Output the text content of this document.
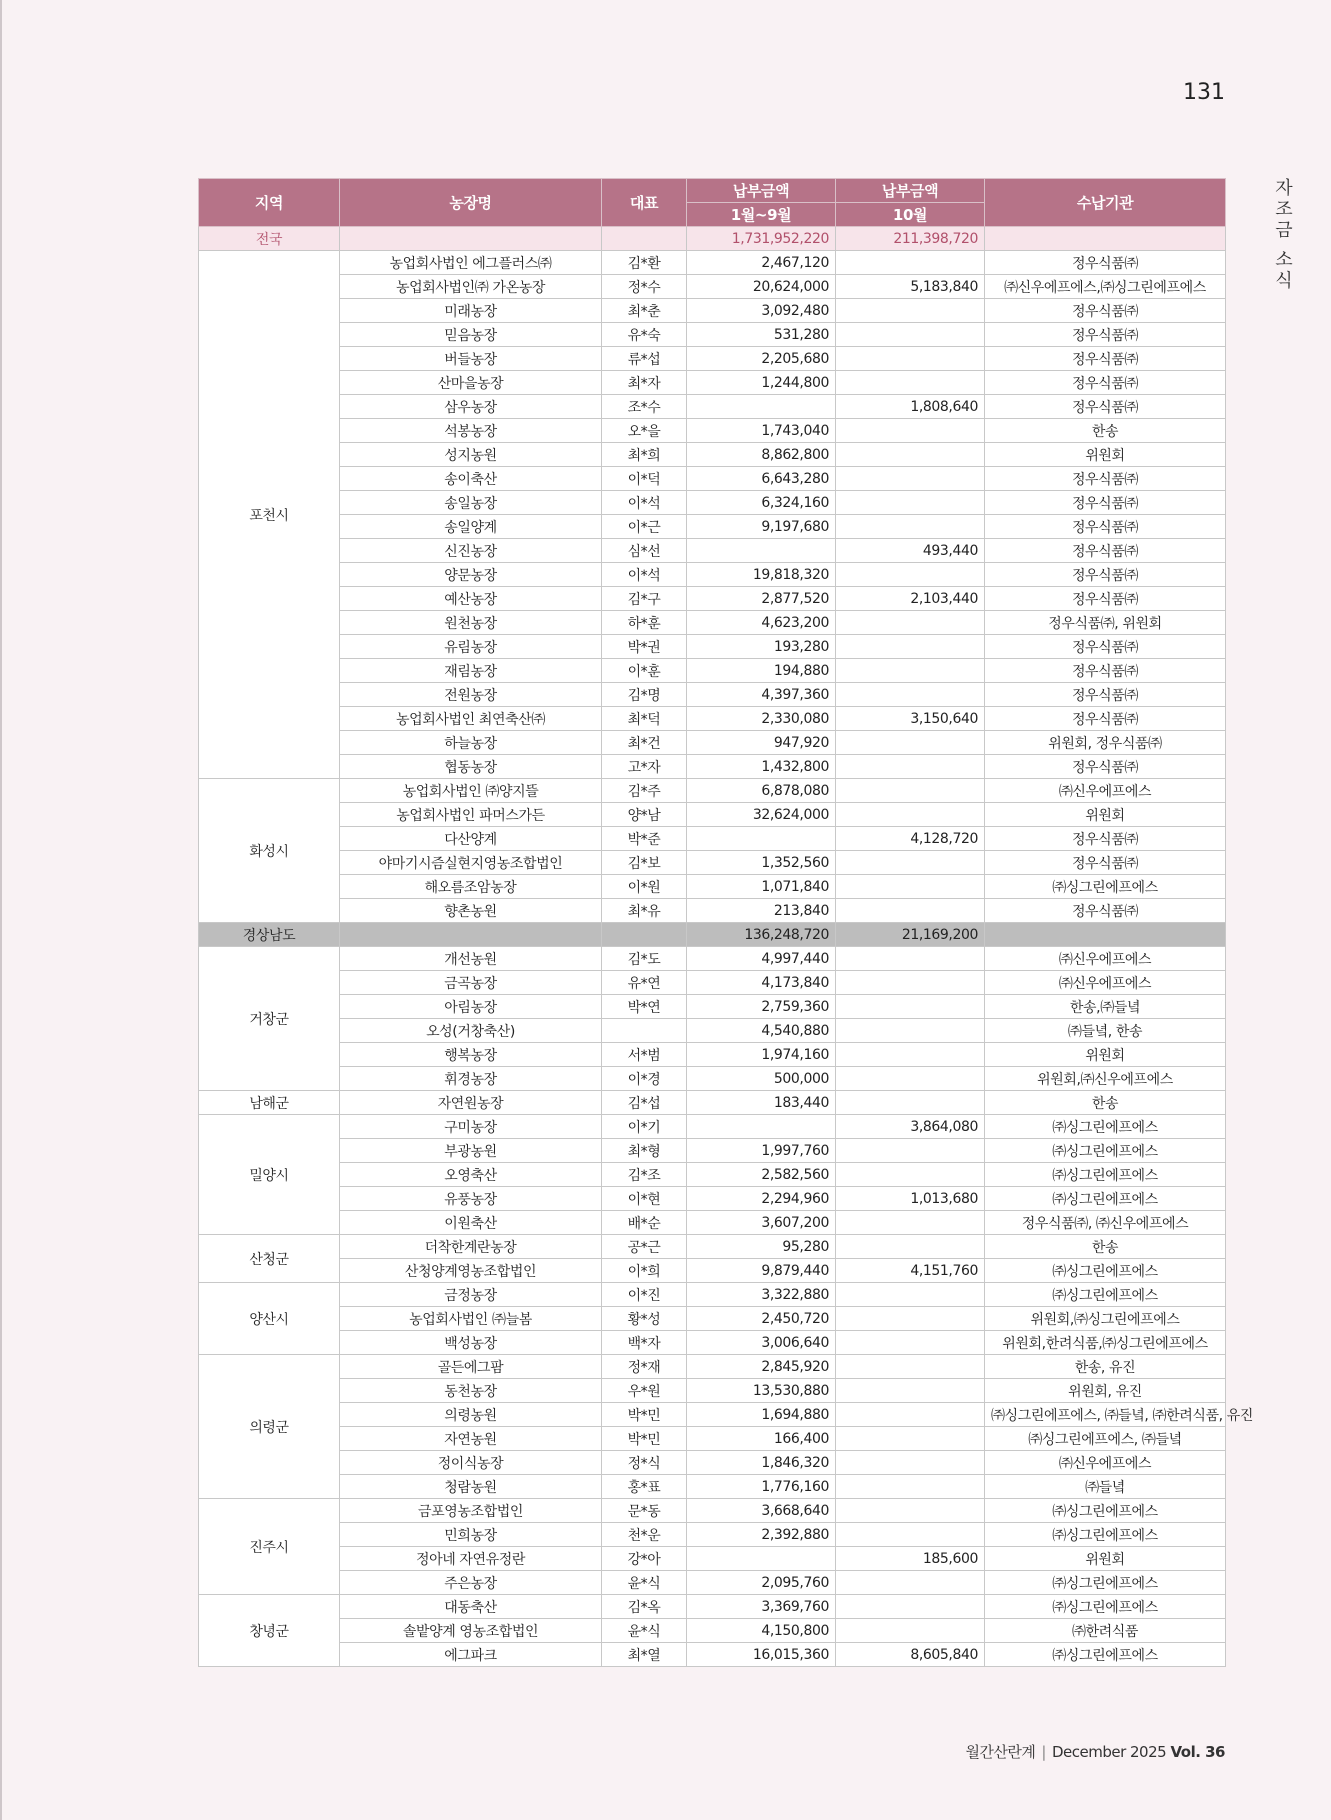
131
자조금 소식
지역	농장명	대표	납부금액	납부금액	수납기관
			1월~9월	10월	
전국			1,731,952,220	211,398,720	
포천시	농업회사법인 에그플러스㈜	김*환	2,467,120		정우식품㈜
	농업회사법인㈜ 가온농장	정*수	20,624,000	5,183,840	㈜신우에프에스,㈜싱그린에프에스
	미래농장	최*춘	3,092,480		정우식품㈜
	믿음농장	유*숙	531,280		정우식품㈜
	버들농장	류*섭	2,205,680		정우식품㈜
	산마을농장	최*자	1,244,800		정우식품㈜
	삼우농장	조*수		1,808,640	정우식품㈜
	석봉농장	오*을	1,743,040		한송
	성지농원	최*희	8,862,800		위원회
	송이축산	이*덕	6,643,280		정우식품㈜
	송일농장	이*석	6,324,160		정우식품㈜
	송일양계	이*근	9,197,680		정우식품㈜
	신진농장	심*선		493,440	정우식품㈜
	양문농장	이*석	19,818,320		정우식품㈜
	예산농장	김*구	2,877,520	2,103,440	정우식품㈜
	원천농장	하*훈	4,623,200		정우식품㈜, 위원회
	유림농장	박*권	193,280		정우식품㈜
	재림농장	이*훈	194,880		정우식품㈜
	전원농장	김*명	4,397,360		정우식품㈜
	농업회사법인 최연축산㈜	최*덕	2,330,080	3,150,640	정우식품㈜
	하늘농장	최*건	947,920		위원회, 정우식품㈜
	협동농장	고*자	1,432,800		정우식품㈜
화성시	농업회사법인 ㈜양지뜰	김*주	6,878,080		㈜신우에프에스
	농업회사법인 파머스가든	양*남	32,624,000		위원회
	다산양계	박*준		4,128,720	정우식품㈜
	야마기시즘실현지영농조합법인	김*보	1,352,560		정우식품㈜
	해오름조암농장	이*원	1,071,840		㈜싱그린에프에스
	향촌농원	최*유	213,840		정우식품㈜
경상남도			136,248,720	21,169,200	
거창군	개선농원	김*도	4,997,440		㈜신우에프에스
	금곡농장	유*연	4,173,840		㈜신우에프에스
	아림농장	박*연	2,759,360		한송,㈜들녘
	오성(거창축산)		4,540,880		㈜들녘, 한송
	행복농장	서*범	1,974,160		위원회
	휘경농장	이*경	500,000		위원회,㈜신우에프에스
남해군	자연원농장	김*섭	183,440		한송
밀양시	구미농장	이*기		3,864,080	㈜싱그린에프에스
	부광농원	최*형	1,997,760		㈜싱그린에프에스
	오영축산	김*조	2,582,560		㈜싱그린에프에스
	유풍농장	이*현	2,294,960	1,013,680	㈜싱그린에프에스
	이원축산	배*순	3,607,200		정우식품㈜, ㈜신우에프에스
산청군	더착한계란농장	공*근	95,280		한송
	산청양계영농조합법인	이*희	9,879,440	4,151,760	㈜싱그린에프에스
양산시	금정농장	이*진	3,322,880		㈜싱그린에프에스
	농업회사법인 ㈜늘봄	황*성	2,450,720		위원회,㈜싱그린에프에스
	백성농장	백*자	3,006,640		위원회,한려식품,㈜싱그린에프에스
의령군	골든에그팜	정*재	2,845,920		한송, 유진
	동천농장	우*원	13,530,880		위원회, 유진
	의령농원	박*민	1,694,880		㈜싱그린에프에스, ㈜들녘, ㈜한려식품, 유진
	자연농원	박*민	166,400		㈜싱그린에프에스, ㈜들녘
	정이식농장	정*식	1,846,320		㈜신우에프에스
	청람농원	홍*표	1,776,160		㈜들녘
진주시	금포영농조합법인	문*동	3,668,640		㈜싱그린에프에스
	민희농장	천*운	2,392,880		㈜싱그린에프에스
	정아네 자연유정란	강*아		185,600	위원회
	주은농장	윤*식	2,095,760		㈜싱그린에프에스
창녕군	대동축산	김*옥	3,369,760		㈜싱그린에프에스
	솔밭양계 영농조합법인	윤*식	4,150,800		㈜한려식품
	에그파크	최*열	16,015,360	8,605,840	㈜싱그린에프에스
월간산란계 | December 2025 Vol. 36
